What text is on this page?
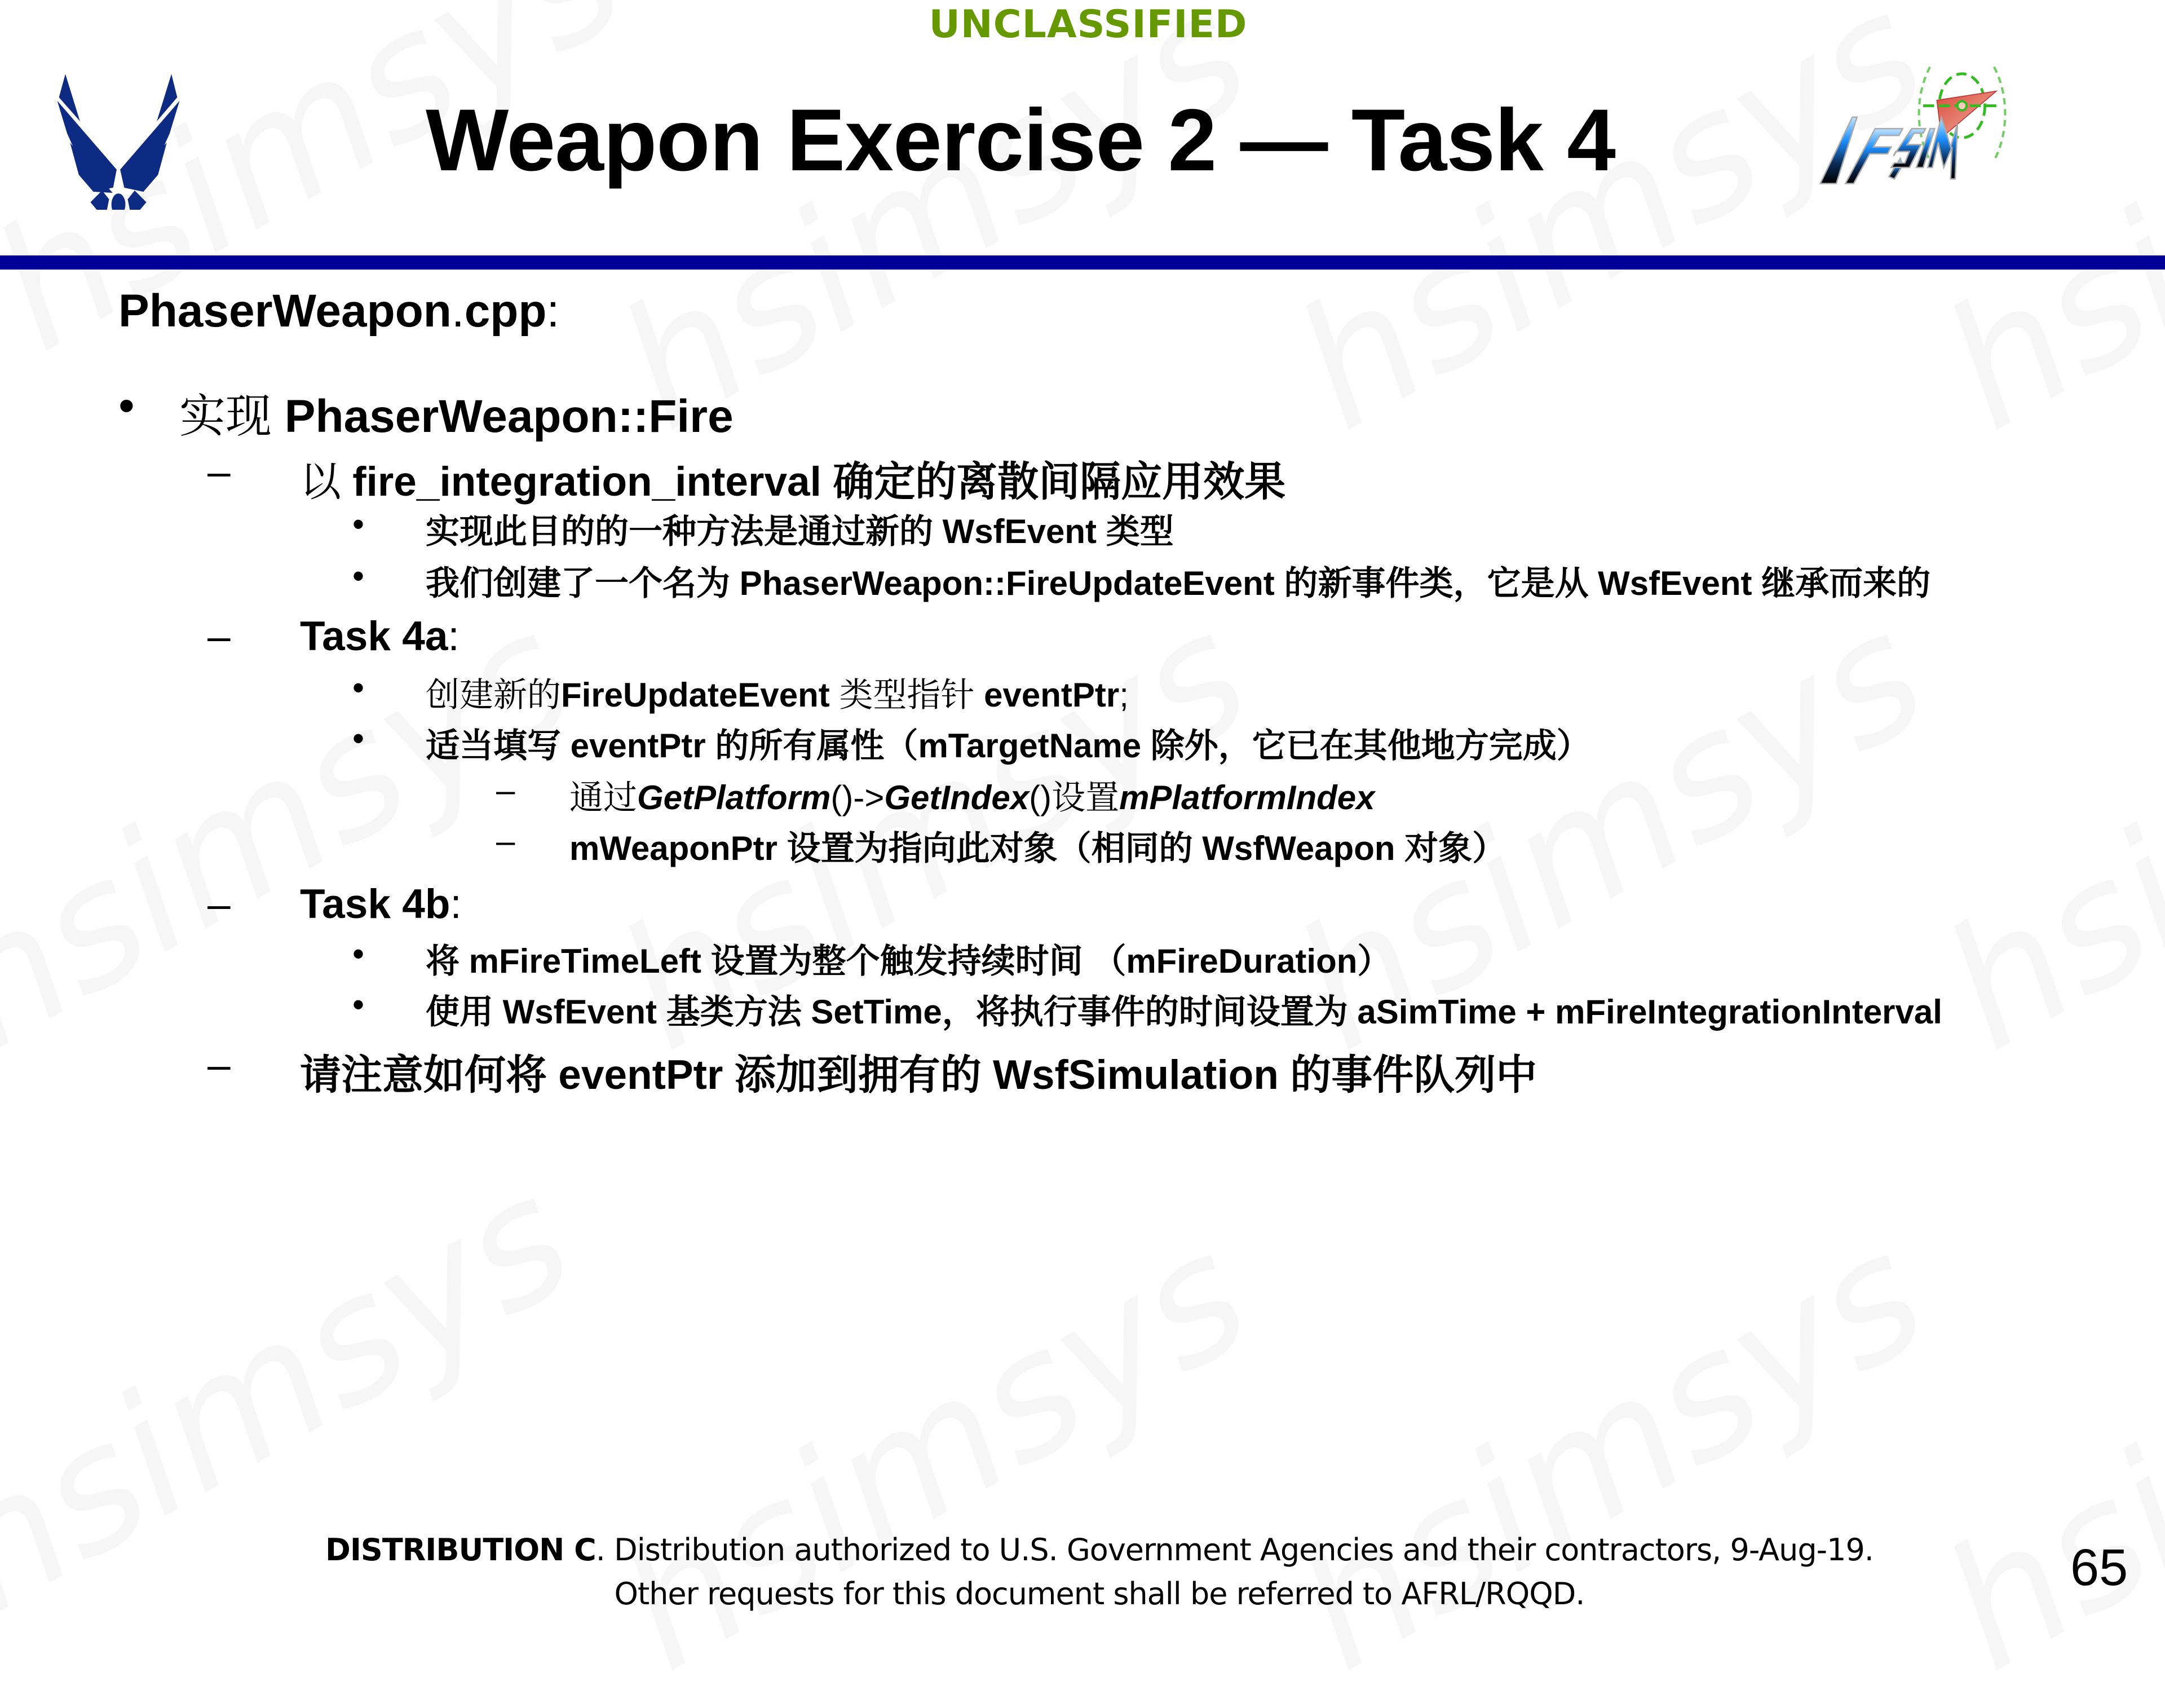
UNCLASSIFIED
Weapon Exercise 2 — Task 4
PhaserWeapon.cpp:
• 实现 PhaserWeapon::Fire
– 以 fire_integration_interval 确定的离散间隔应用效果
• 实现此目的的一种方法是通过新的 WsfEvent 类型
• 我们创建了一个名为 PhaserWeapon::FireUpdateEvent 的新事件类，它是从 WsfEvent 继承而来的
– Task 4a:
• 创建新的FireUpdateEvent 类型指针 eventPtr;
• 适当填写 eventPtr 的所有属性（mTargetName 除外，它已在其他地方完成）
– 通过GetPlatform()->GetIndex()设置mPlatformIndex
– mWeaponPtr 设置为指向此对象（相同的 WsfWeapon 对象）
– Task 4b:
• 将 mFireTimeLeft 设置为整个触发持续时间 （mFireDuration）
• 使用 WsfEvent 基类方法 SetTime，将执行事件的时间设置为 aSimTime + mFireIntegrationInterval
– 请注意如何将 eventPtr 添加到拥有的 WsfSimulation 的事件队列中
DISTRIBUTION C. Distribution authorized to U.S. Government Agencies and their contractors, 9-Aug-19.
Other requests for this document shall be referred to AFRL/RQQD.	65
